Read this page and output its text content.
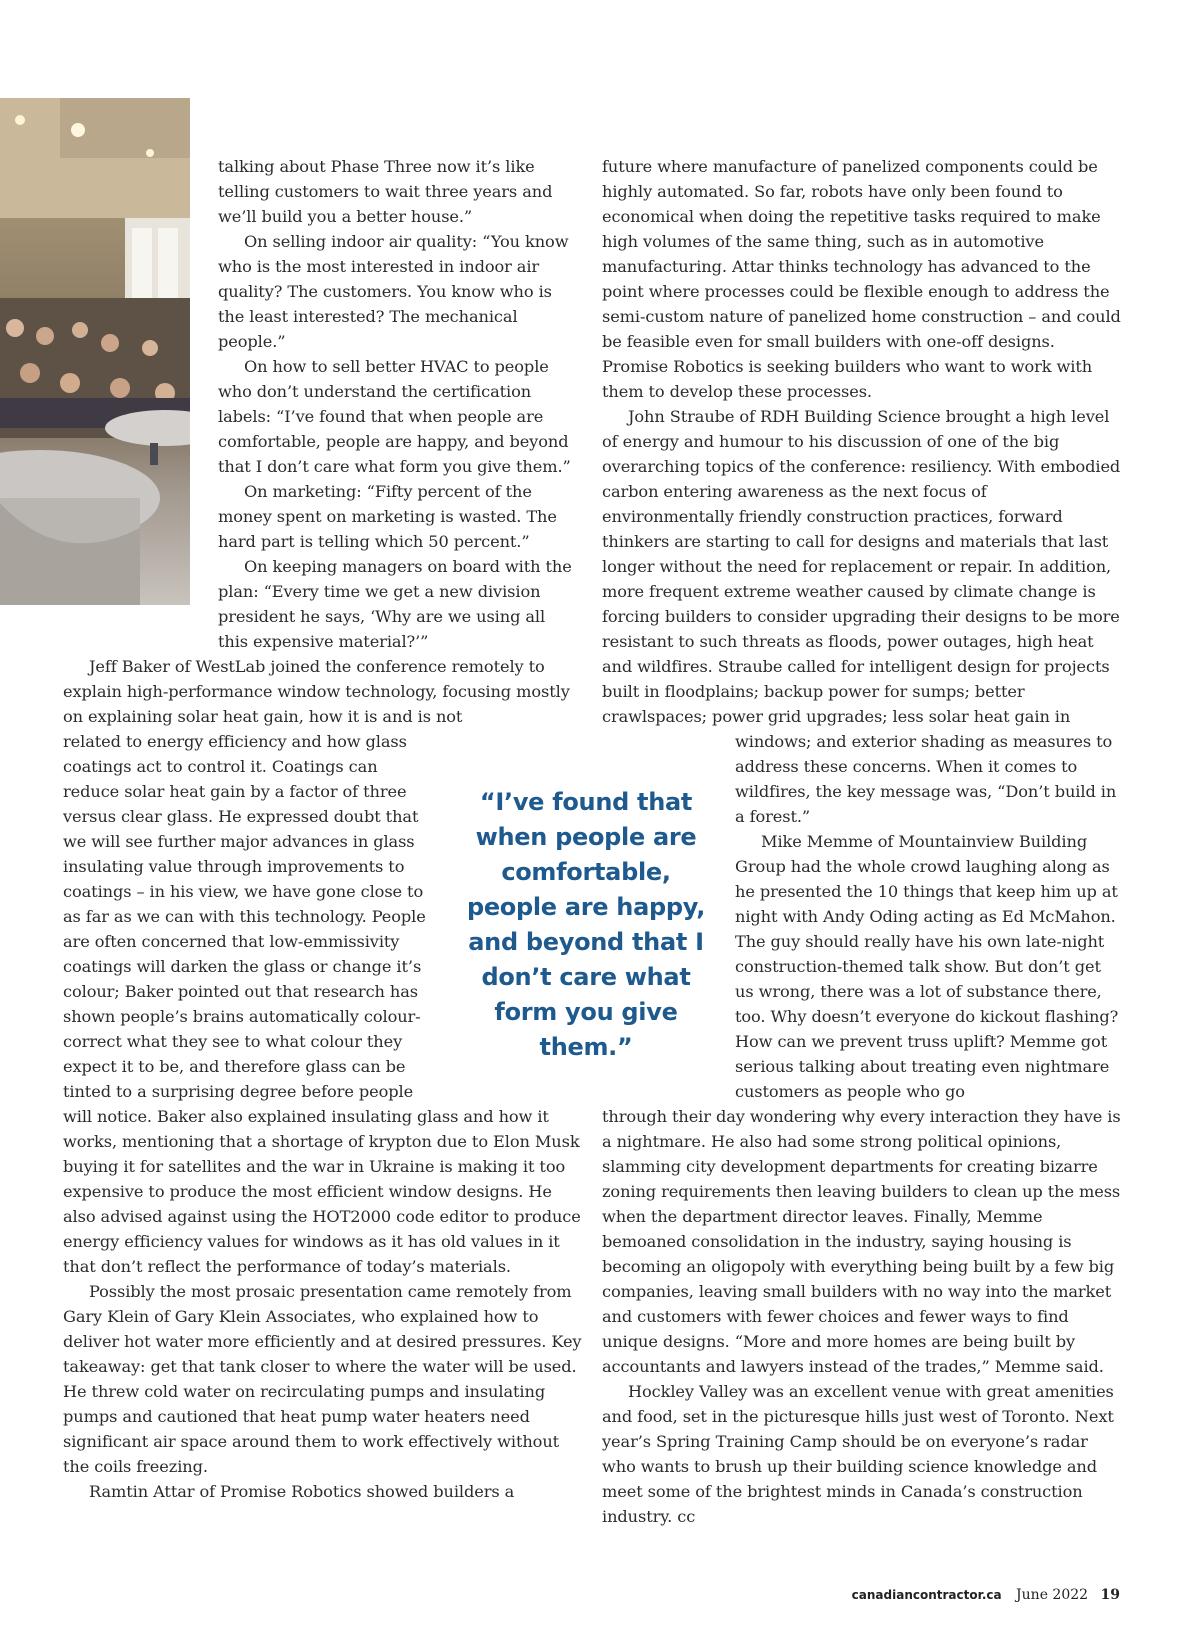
talking about Phase Three now it’s like telling customers to wait three years and we’ll build you a better house.”

On selling indoor air quality: “You know who is the most interested in indoor air quality? The customers. You know who is the least interested? The mechanical people.”

On how to sell better HVAC to people who don’t understand the certification labels: “I’ve found that when people are comfortable, people are happy, and beyond that I don’t care what form you give them.”

On marketing: “Fifty percent of the money spent on marketing is wasted. The hard part is telling which 50 percent.”

On keeping managers on board with the plan: “Every time we get a new division president he says, ‘Why are we using all this expensive material?’”

Jeff Baker of WestLab joined the conference remotely to explain high-performance window technology, focusing mostly on explaining solar heat gain, how it is and is not

related to energy efficiency and how glass coatings act to control it. Coatings can reduce solar heat gain by a factor of three versus clear glass. He expressed doubt that we will see further major advances in glass insulating value through improvements to coatings – in his view, we have gone close to as far as we can with this technology. People are often concerned that low-emmissivity coatings will darken the glass or change it’s colour; Baker pointed out that research has shown people’s brains automatically colour-correct what they see to what colour they expect it to be, and therefore glass can be tinted to a surprising degree before people

will notice. Baker also explained insulating glass and how it works, mentioning that a shortage of krypton due to Elon Musk buying it for satellites and the war in Ukraine is making it too expensive to produce the most efficient window designs. He also advised against using the HOT2000 code editor to produce energy efficiency values for windows as it has old values in it that don’t reflect the performance of today’s materials.

Possibly the most prosaic presentation came remotely from Gary Klein of Gary Klein Associates, who explained how to deliver hot water more efficiently and at desired pressures. Key takeaway: get that tank closer to where the water will be used. He threw cold water on recirculating pumps and insulating pumps and cautioned that heat pump water heaters need significant air space around them to work effectively without the coils freezing.

Ramtin Attar of Promise Robotics showed builders a

future where manufacture of panelized components could be highly automated. So far, robots have only been found to economical when doing the repetitive tasks required to make high volumes of the same thing, such as in automotive manufacturing. Attar thinks technology has advanced to the point where processes could be flexible enough to address the semi-custom nature of panelized home construction – and could be feasible even for small builders with one-off designs. Promise Robotics is seeking builders who want to work with them to develop these processes.

John Straube of RDH Building Science brought a high level of energy and humour to his discussion of one of the big overarching topics of the conference: resiliency. With embodied carbon entering awareness as the next focus of environmentally friendly construction practices, forward thinkers are starting to call for designs and materials that last longer without the need for replacement or repair. In addition, more frequent extreme weather caused by climate change is forcing builders to consider upgrading their designs to be more resistant to such threats as floods, power outages, high heat and wildfires. Straube called for intelligent design for projects built in floodplains; backup power for sumps; better crawlspaces; power grid upgrades; less solar heat gain in

windows; and exterior shading as measures to address these concerns. When it comes to wildfires, the key message was, “Don’t build in a forest.”

Mike Memme of Mountainview Building Group had the whole crowd laughing along as he presented the 10 things that keep him up at night with Andy Oding acting as Ed McMahon. The guy should really have his own late-night construction-themed talk show. But don’t get us wrong, there was a lot of substance there, too. Why doesn’t everyone do kickout flashing? How can we prevent truss uplift? Memme got serious talking about treating even nightmare customers as people who go

through their day wondering why every interaction they have is a nightmare. He also had some strong political opinions, slamming city development departments for creating bizarre zoning requirements then leaving builders to clean up the mess when the department director leaves. Finally, Memme bemoaned consolidation in the industry, saying housing is becoming an oligopoly with everything being built by a few big companies, leaving small builders with no way into the market and customers with fewer choices and fewer ways to find unique designs. “More and more homes are being built by accountants and lawyers instead of the trades,” Memme said.

Hockley Valley was an excellent venue with great amenities and food, set in the picturesque hills just west of Toronto. Next year’s Spring Training Camp should be on everyone’s radar who wants to brush up their building science knowledge and meet some of the brightest minds in Canada’s construction industry. cc

“I’ve found that when people are comfortable, people are happy, and beyond that I don’t care what form you give them.”
canadiancontractor.ca June 2022 19
